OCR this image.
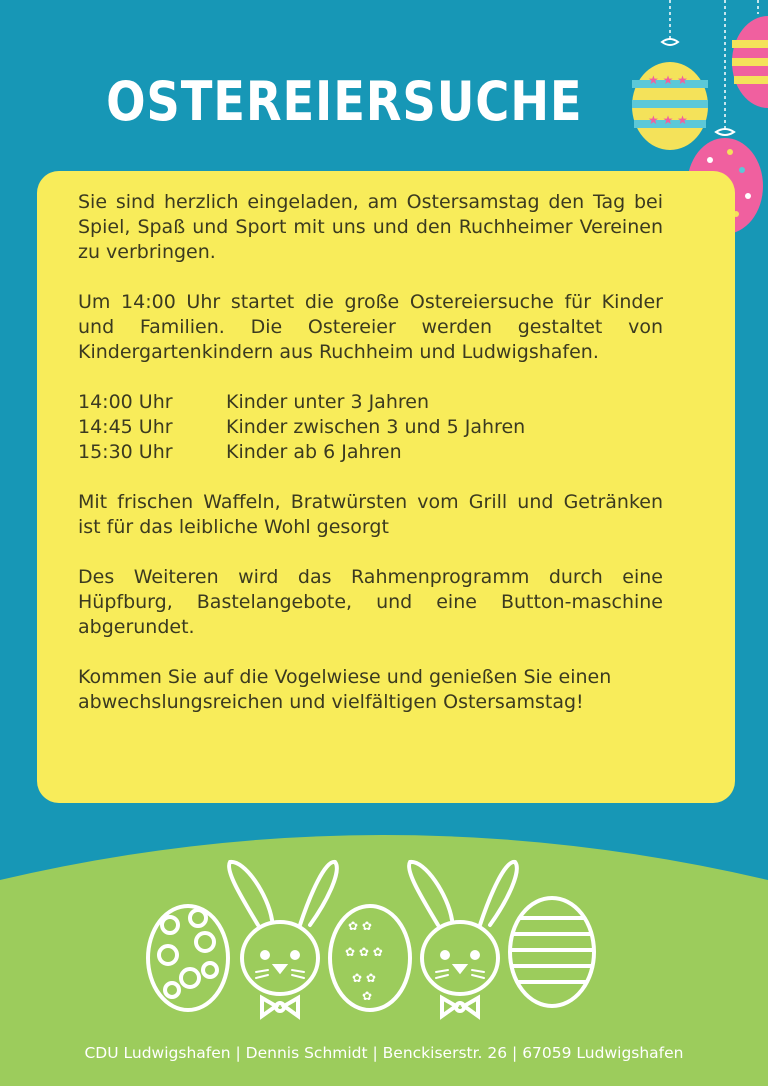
★ ★ ★
★ ★ ★
OSTEREIERSUCHE

Sie sind herzlich eingeladen, am Ostersamstag den Tag bei Spiel, Spaß und Sport mit uns und den Ruchheimer Vereinen zu verbringen.

Um 14:00 Uhr startet die große Ostereiersuche für Kinder und Familien. Die Ostereier werden gestaltet von Kindergartenkindern aus Ruchheim und Ludwigshafen.

14:00 Uhr	Kinder unter 3 Jahren
14:45 Uhr	Kinder zwischen 3 und 5 Jahren
15:30 Uhr	Kinder ab 6 Jahren

Mit frischen Waffeln, Bratwürsten vom Grill und Getränken ist für das leibliche Wohl gesorgt

Des Weiteren wird das Rahmenprogramm durch eine Hüpfburg, Bastelangebote, und eine Button-maschine abgerundet.

Kommen Sie auf die Vogelwiese und genießen Sie einen abwechslungsreichen und vielfältigen Ostersamstag!

✿ ✿
✿ ✿ ✿
✿ ✿
✿
CDU Ludwigshafen | Dennis Schmidt | Benckiserstr. 26 | 67059 Ludwigshafen
